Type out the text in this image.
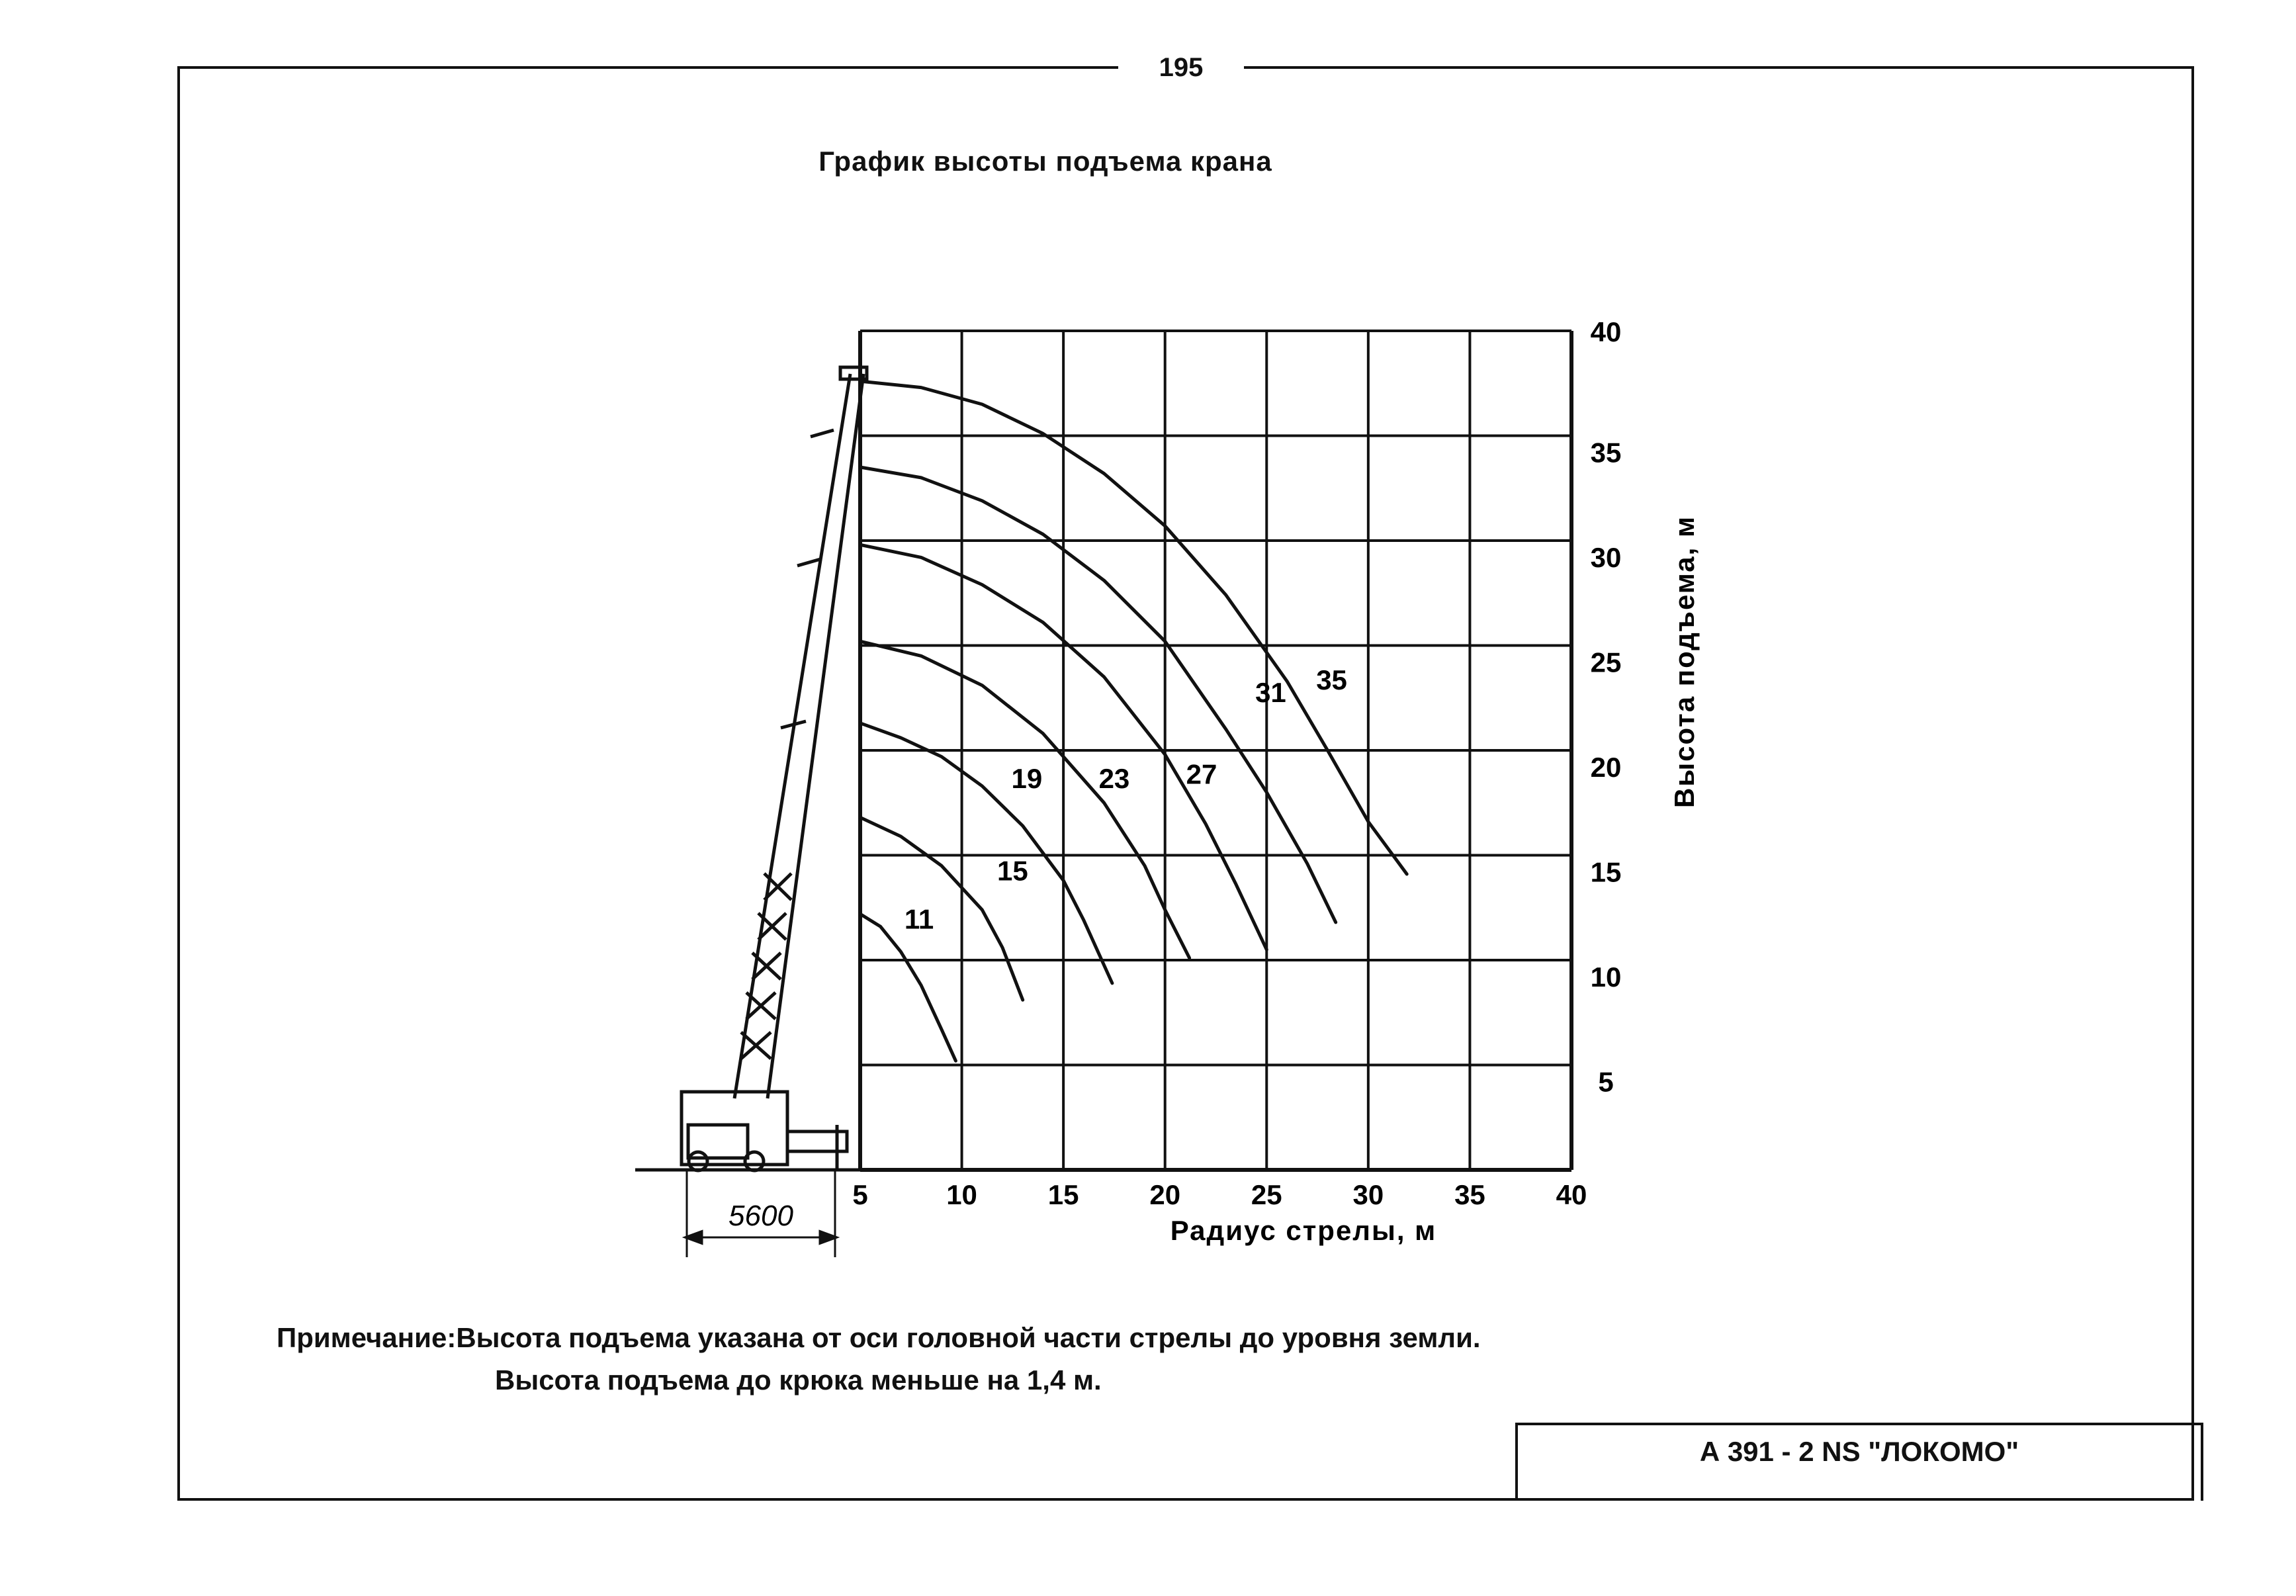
195
График высоты подъема крана
5600
11
15
19 23 27
31 35
5	10	15	20	25	30	35	40
5
10
15
20
25
30
35
40
Радиус стрелы, м
Высота подъема, м
Примечание:Высота подъема указана от оси головной части стрелы до уровня земли.
Высота подъема до крюка меньше на 1,4 м.
А 391 - 2 NS "ЛОКОМО"
